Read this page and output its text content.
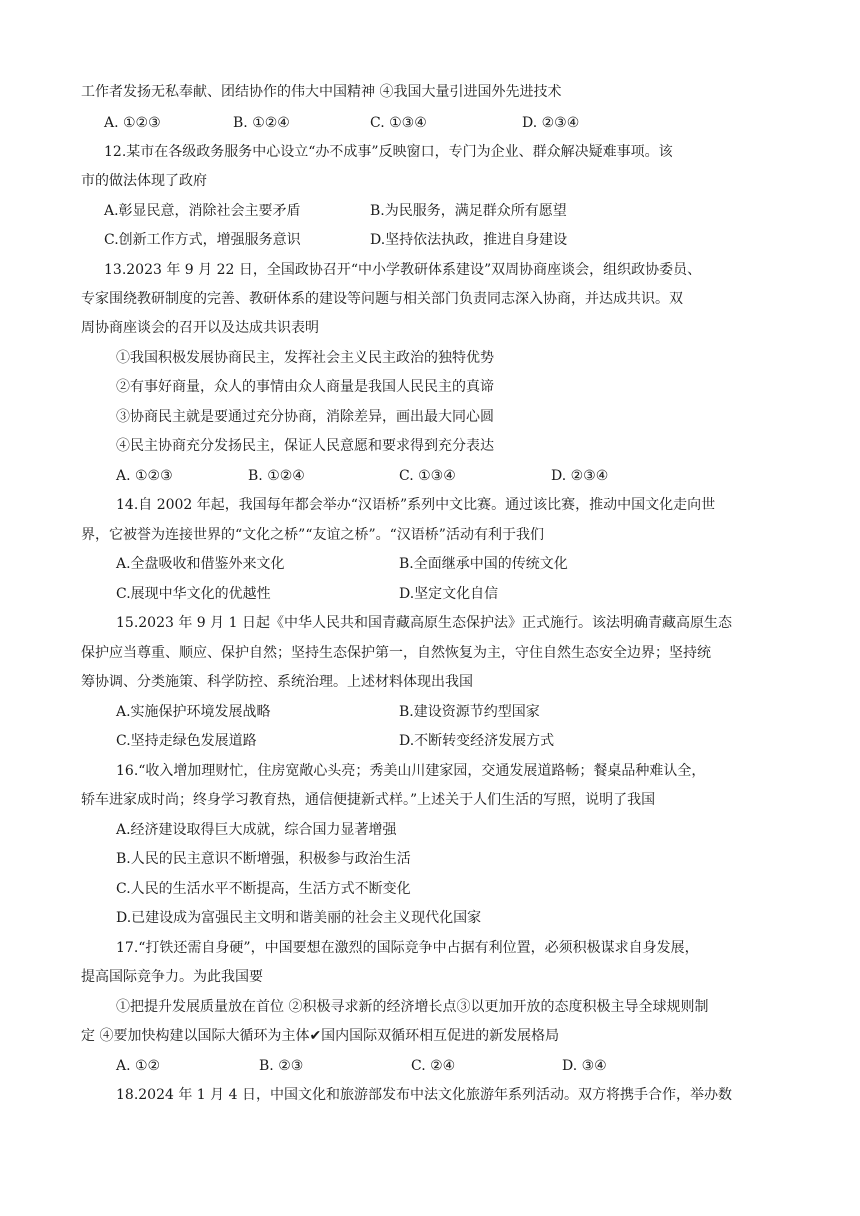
工作者发扬无私奉献、团结协作的伟大中国精神 ④我国大量引进国外先进技术
A. ①②③	B. ①②④	C. ①③④	D. ②③④
12.某市在各级政务服务中心设立“办不成事”反映窗口，专门为企业、群众解决疑难事项。该
市的做法体现了政府
A.彰显民意，消除社会主要矛盾	B.为民服务，满足群众所有愿望
C.创新工作方式，增强服务意识	D.坚持依法执政，推进自身建设
13.2023 年 9 月 22 日，全国政协召开“中小学教研体系建设”双周协商座谈会，组织政协委员、
专家围绕教研制度的完善、教研体系的建设等问题与相关部门负责同志深入协商，并达成共识。双
周协商座谈会的召开以及达成共识表明
①我国积极发展协商民主，发挥社会主义民主政治的独特优势
②有事好商量，众人的事情由众人商量是我国人民民主的真谛
③协商民主就是要通过充分协商，消除差异，画出最大同心圆
④民主协商充分发扬民主，保证人民意愿和要求得到充分表达
A. ①②③	B. ①②④	C. ①③④	D. ②③④
14.自 2002 年起，我国每年都会举办“汉语桥”系列中文比赛。通过该比赛，推动中国文化走向世
界，它被誉为连接世界的“文化之桥”“友谊之桥”。“汉语桥”活动有利于我们
A.全盘吸收和借鉴外来文化	B.全面继承中国的传统文化
C.展现中华文化的优越性	D.坚定文化自信
15.2023 年 9 月 1 日起《中华人民共和国青藏高原生态保护法》正式施行。该法明确青藏高原生态
保护应当尊重、顺应、保护自然；坚持生态保护第一，自然恢复为主，守住自然生态安全边界；坚持统
筹协调、分类施策、科学防控、系统治理。上述材料体现出我国
A.实施保护环境发展战略	B.建设资源节约型国家
C.坚持走绿色发展道路	D.不断转变经济发展方式
16.“收入增加理财忙，住房宽敞心头亮；秀美山川建家园，交通发展道路畅；餐桌品种难认全，
轿车进家成时尚；终身学习教育热，通信便捷新式样。”上述关于人们生活的写照，说明了我国
A.经济建设取得巨大成就，综合国力显著增强
B.人民的民主意识不断增强，积极参与政治生活
C.人民的生活水平不断提高，生活方式不断变化
D.已建设成为富强民主文明和谐美丽的社会主义现代化国家
17.“打铁还需自身硬”，中国要想在激烈的国际竞争中占据有利位置，必须积极谋求自身发展，
提高国际竞争力。为此我国要
①把提升发展质量放在首位 ②积极寻求新的经济增长点③以更加开放的态度积极主导全球规则制
定 ④要加快构建以国际大循环为主体✔国内国际双循环相互促进的新发展格局
A. ①②	B. ②③	C. ②④	D. ③④
18.2024 年 1 月 4 日，中国文化和旅游部发布中法文化旅游年系列活动。双方将携手合作，举办数
